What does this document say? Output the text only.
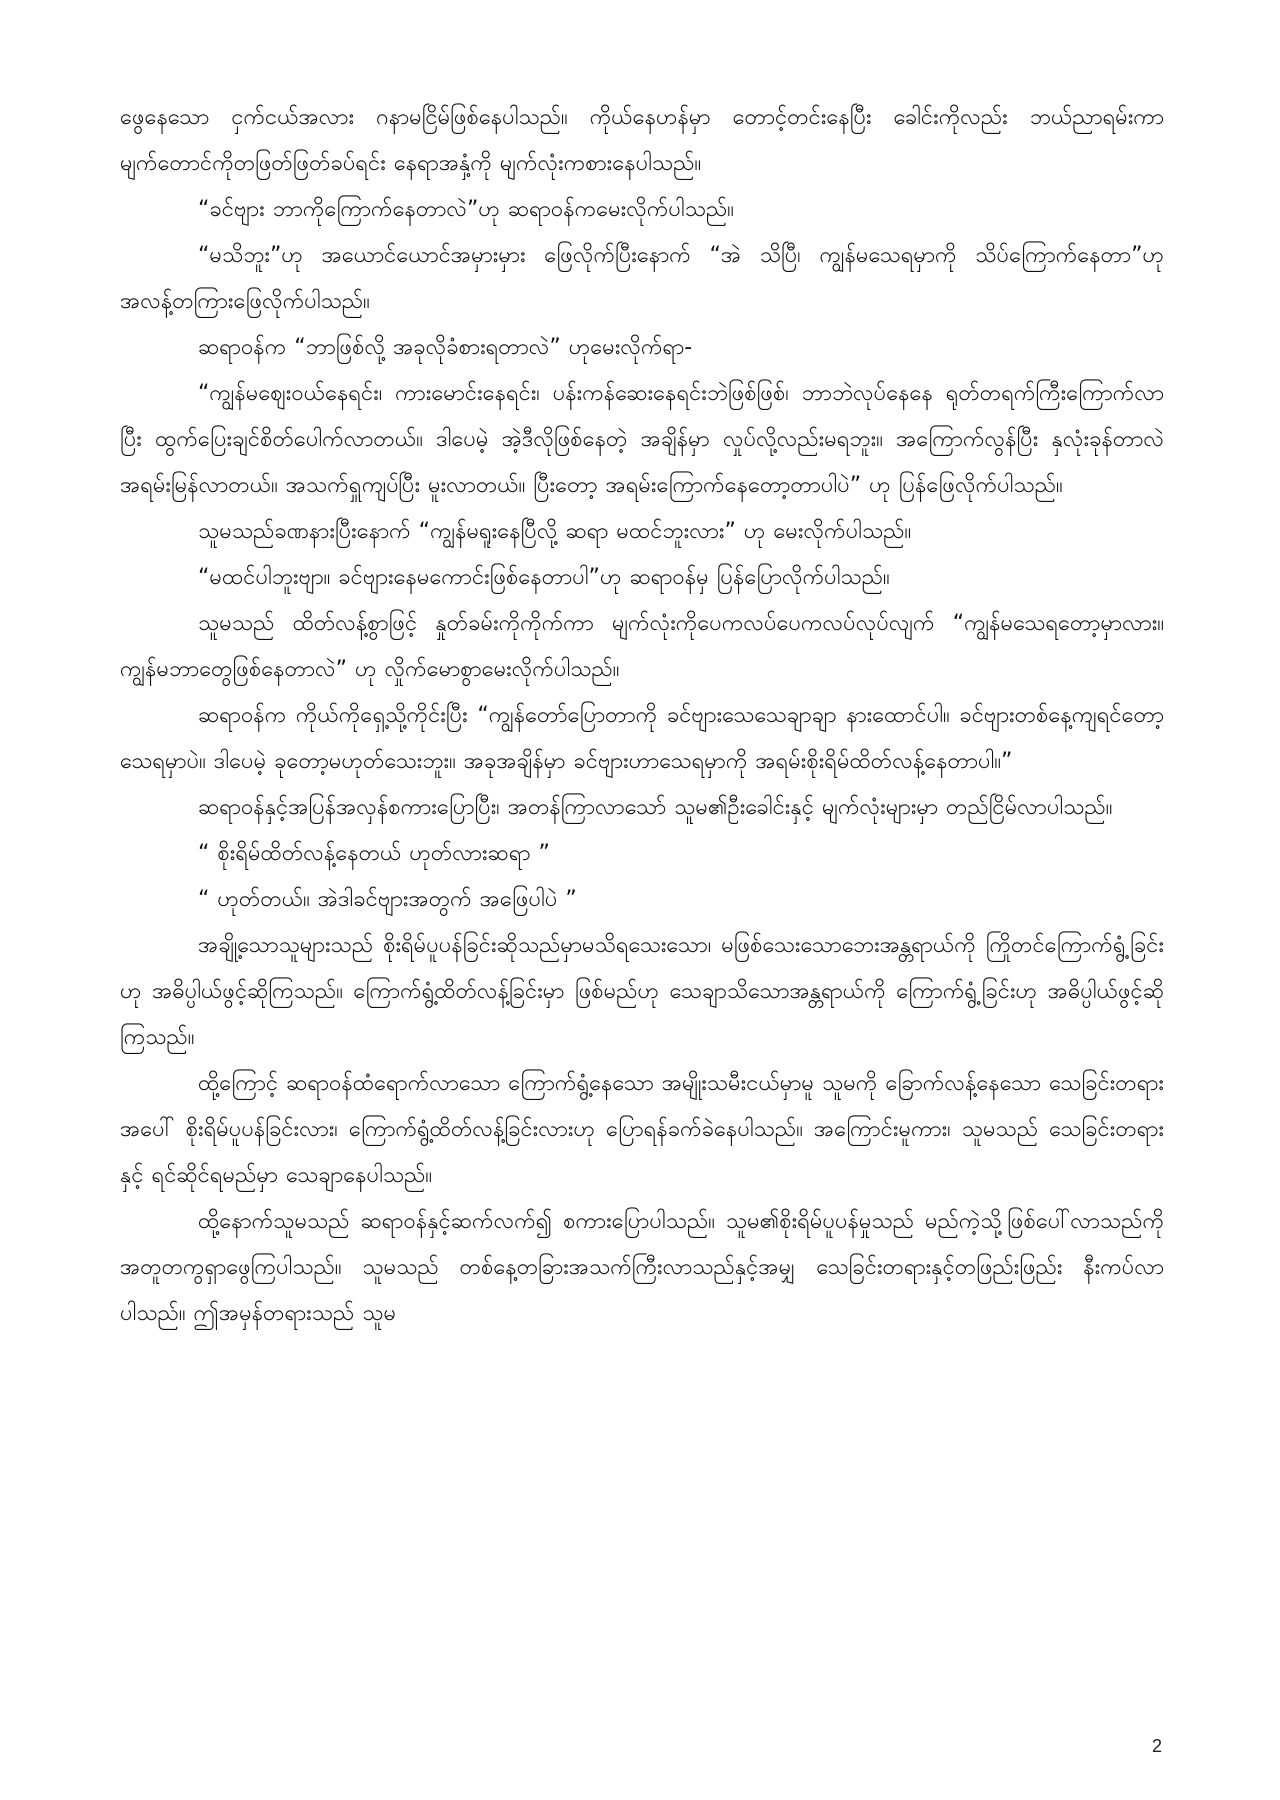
ဖွေနေသော ငှက်ငယ်အလား ဂနာမငြိမ်ဖြစ်နေပါသည်။ ကိုယ်နေဟန်မှာ တောင့်တင်းနေပြီး ခေါင်းကိုလည်း ဘယ်ညာရမ်းကာ မျက်တောင်ကိုတဖြတ်ဖြတ်ခပ်ရင်း နေရာအနှံ့ကို မျက်လုံးကစားနေပါသည်။

“ခင်ဗျား ဘာကိုကြောက်နေတာလဲ”ဟု ဆရာဝန်ကမေးလိုက်ပါသည်။

“မသိဘူး”ဟု အယောင်ယောင်အမှားမှား ဖြေလိုက်ပြီးနောက် “အဲ သိပြီ၊ ကျွန်မသေရမှာကို သိပ်ကြောက်နေတာ”ဟု အလန့်တကြားဖြေလိုက်ပါသည်။

ဆရာဝန်က “ဘာဖြစ်လို့ အခုလိုခံစားရတာလဲ” ဟုမေးလိုက်ရာ-

“ကျွန်မဈေးဝယ်နေရင်း၊ ကားမောင်းနေရင်း၊ ပန်းကန်ဆေးနေရင်းဘဲဖြစ်ဖြစ်၊ ဘာဘဲလုပ်နေနေ ရုတ်တရက်ကြီးကြောက်လာပြီး ထွက်ပြေးချင်စိတ်ပေါက်လာတယ်။ ဒါပေမဲ့ အဲ့ဒီလိုဖြစ်နေတဲ့ အချိန်မှာ လှုပ်လို့လည်းမရဘူး။ အကြောက်လွန်ပြီး နှလုံးခုန်တာလဲ အရမ်းမြန်လာတယ်။ အသက်ရှူကျပ်ပြီး မူးလာတယ်။ ပြီးတော့ အရမ်းကြောက်နေတော့တာပါပဲ” ဟု ပြန်ဖြေလိုက်ပါသည်။

သူမသည်ခဏနားပြီးနောက် “ကျွန်မရူးနေပြီလို့ ဆရာ မထင်ဘူးလား” ဟု မေးလိုက်ပါသည်။

“မထင်ပါဘူးဗျာ။ ခင်ဗျားနေမကောင်းဖြစ်နေတာပါ”ဟု ဆရာဝန်မှ ပြန်ပြောလိုက်ပါသည်။

သူမသည် ထိတ်လန့်စွာဖြင့် နှုတ်ခမ်းကိုကိုက်ကာ မျက်လုံးကိုပေကလပ်ပေကလပ်လုပ်လျက် “ကျွန်မသေရတော့မှာလား။ ကျွန်မဘာတွေဖြစ်နေတာလဲ” ဟု လှိုက်မောစွာမေးလိုက်ပါသည်။

ဆရာဝန်က ကိုယ်ကိုရှေ့သို့ကိုင်းပြီး “ကျွန်တော်ပြောတာကို ခင်ဗျားသေသေချာချာ နားထောင်ပါ။ ခင်ဗျားတစ်နေ့ကျရင်တော့ သေရမှာပဲ။ ဒါပေမဲ့ ခုတော့မဟုတ်သေးဘူး။ အခုအချိန်မှာ ခင်ဗျားဟာသေရမှာကို အရမ်းစိုးရိမ်ထိတ်လန့်နေတာပါ။”

ဆရာဝန်နှင့်အပြန်အလှန်စကားပြောပြီး၊ အတန်ကြာလာသော် သူမ၏ဦးခေါင်းနှင့် မျက်လုံးများမှာ တည်ငြိမ်လာပါသည်။

“ စိုးရိမ်ထိတ်လန့်နေတယ် ဟုတ်လားဆရာ ”

“ ဟုတ်တယ်။ အဲဒါခင်ဗျားအတွက် အဖြေပါပဲ ”

အချို့သောသူများသည် စိုးရိမ်ပူပန်ခြင်းဆိုသည်မှာမသိရသေးသော၊ မဖြစ်သေးသောဘေးအန္တရာယ်ကို ကြိုတင်ကြောက်ရွံ့ခြင်းဟု အဓိပ္ပါယ်ဖွင့်ဆိုကြသည်။ ကြောက်ရွံ့ထိတ်လန့်ခြင်းမှာ ဖြစ်မည်ဟု သေချာသိသောအန္တရာယ်ကို ကြောက်ရွံ့ခြင်းဟု အဓိပ္ပါယ်ဖွင့်ဆိုကြသည်။

ထို့ကြောင့် ဆရာဝန်ထံရောက်လာသော ကြောက်ရွံ့နေသော အမျိုးသမီးငယ်မှာမူ သူမကို ခြောက်လန့်နေသော သေခြင်းတရားအပေါ် စိုးရိမ်ပူပန်ခြင်းလား၊ ကြောက်ရွံ့ထိတ်လန့်ခြင်းလားဟု ပြောရန်ခက်ခဲနေပါသည်။ အကြောင်းမူကား၊ သူမသည် သေခြင်းတရားနှင့် ရင်ဆိုင်ရမည်မှာ သေချာနေပါသည်။

ထို့နောက်သူမသည် ဆရာဝန်နှင့်ဆက်လက်၍ စကားပြောပါသည်။ သူမ၏စိုးရိမ်ပူပန်မှုသည် မည်ကဲ့သို့ဖြစ်ပေါ်လာသည်ကို အတူတကွရှာဖွေကြပါသည်။ သူမသည် တစ်နေ့တခြားအသက်ကြီးလာသည်နှင့်အမျှ သေခြင်းတရားနှင့်တဖြည်းဖြည်း နီးကပ်လာပါသည်။ ဤအမှန်တရားသည် သူမ

2
